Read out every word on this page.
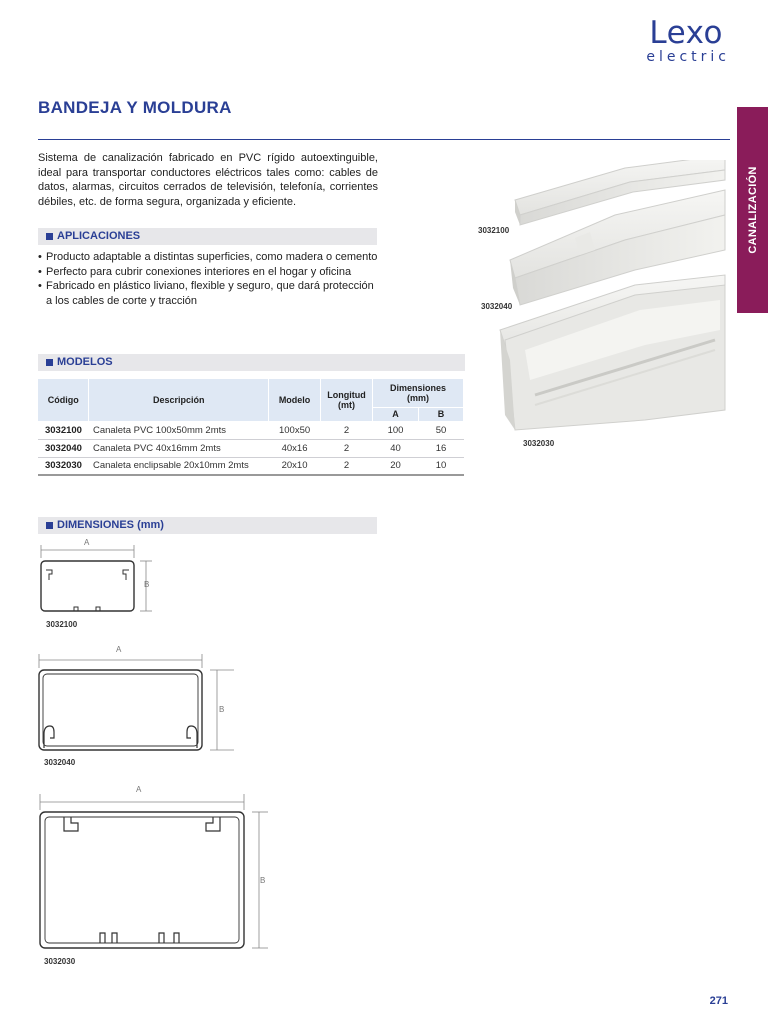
Lexo
electric
BANDEJA Y MOLDURA
CANALIZACIÓN

Sistema de canalización fabricado en PVC rígido autoextinguible, ideal para transportar conductores eléctricos tales como: cables de datos, alarmas, circuitos cerrados de televisión, telefonía, corrientes débiles, etc. de forma segura, organizada y eficiente.

APLICACIONES
• Producto adaptable a distintas superficies, como madera o cemento
• Perfecto para cubrir conexiones interiores en el hogar y oficina
• Fabricado en plástico liviano, flexible y seguro, que dará protección a los cables de corte y tracción
MODELOS
Código	Descripción	Modelo	Longitud (mt)	Dimensiones (mm)	
				A	B
3032100	Canaleta PVC 100x50mm 2mts	100x50	2	100	50
3032040	Canaleta PVC 40x16mm 2mts	40x16	2	40	16
3032030	Canaleta enclipsable 20x10mm 2mts	20x10	2	20	10
3032100
3032040
3032030
DIMENSIONES (mm)
A
B
3032100
A
B
3032040
A
B
3032030
271
